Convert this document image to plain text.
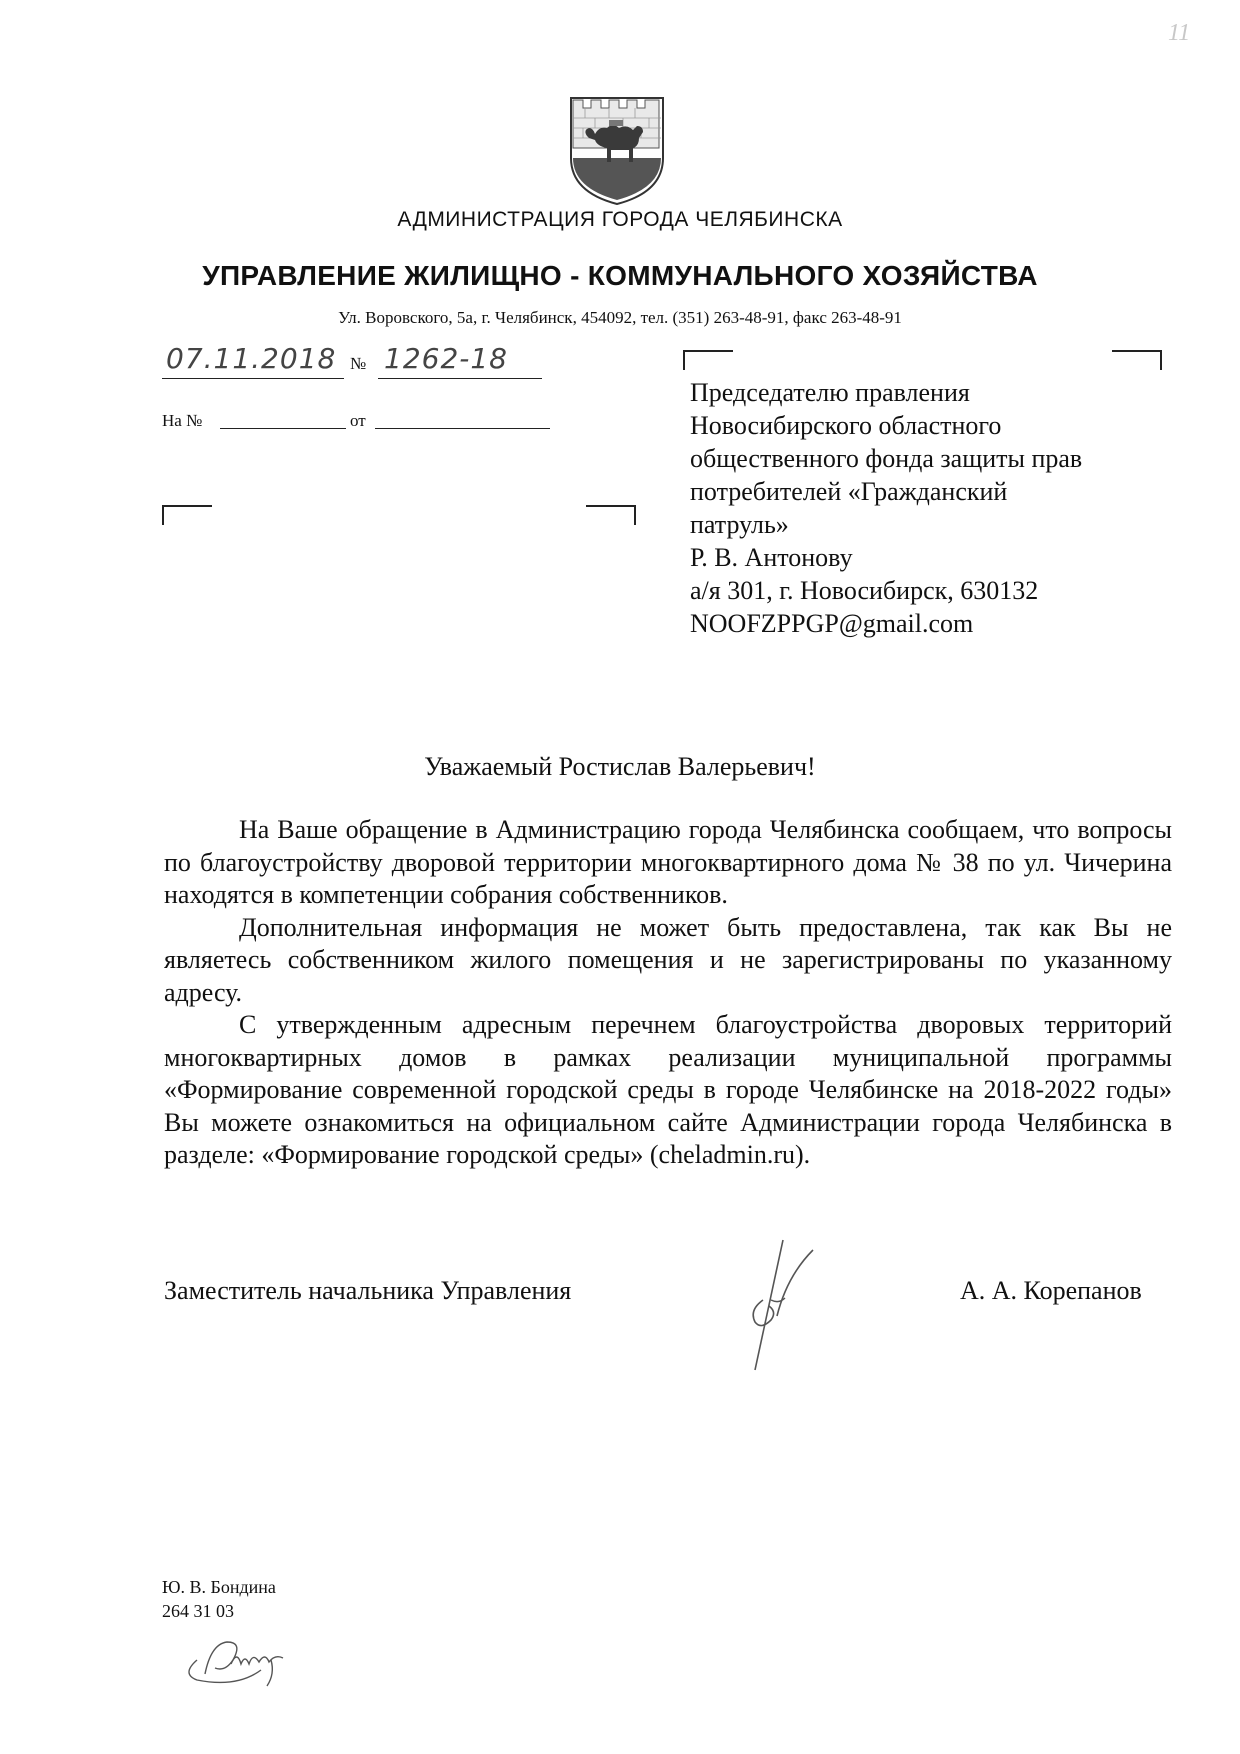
11
АДМИНИСТРАЦИЯ ГОРОДА ЧЕЛЯБИНСКА
УПРАВЛЕНИЕ ЖИЛИЩНО - КОММУНАЛЬНОГО ХОЗЯЙСТВА
Ул. Воровского, 5а, г. Челябинск, 454092, тел. (351) 263-48-91, факс 263-48-91
07.11.2018 № 1262-18
На №	от
Председателю правления
Новосибирского областного
общественного фонда защиты прав
потребителей «Гражданский
патруль»
Р. В. Антонову
а/я 301, г. Новосибирск, 630132
NOOFZPPGP@gmail.com
Уважаемый Ростислав Валерьевич!

На Ваше обращение в Администрацию города Челябинска сообщаем, что вопросы по благоустройству дворовой территории многоквартирного дома № 38 по ул. Чичерина находятся в компетенции собрания собственников.

Дополнительная информация не может быть предоставлена, так как Вы не являетесь собственником жилого помещения и не зарегистрированы по указанному адресу.

С утвержденным адресным перечнем благоустройства дворовых территорий многоквартирных домов в рамках реализации муниципальной программы «Формирование современной городской среды в городе Челябинске на 2018-2022 годы» Вы можете ознакомиться на официальном сайте Администрации города Челябинска в разделе: «Формирование городской среды» (cheladmin.ru).

Заместитель начальника Управления	А. А. Корепанов
Ю. В. Бондина
264 31 03
